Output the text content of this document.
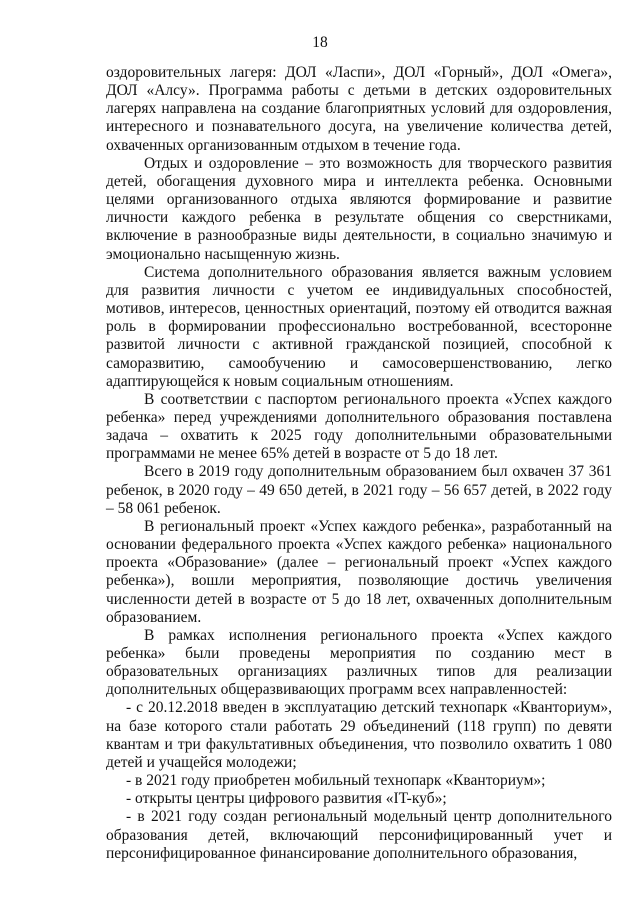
18

оздоровительных лагеря: ДОЛ «Ласпи», ДОЛ «Горный», ДОЛ «Омега», ДОЛ «Алсу». Программа работы с детьми в детских оздоровительных лагерях направлена на создание благоприятных условий для оздоровления, интересного и познавательного досуга, на увеличение количества детей, охваченных организованным отдыхом в течение года.

Отдых и оздоровление – это возможность для творческого развития детей, обогащения духовного мира и интеллекта ребенка. Основными целями организованного отдыха являются формирование и развитие личности каждого ребенка в результате общения со сверстниками, включение в разнообразные виды деятельности, в социально значимую и эмоционально насыщенную жизнь.

Система дополнительного образования является важным условием для развития личности с учетом ее индивидуальных способностей, мотивов, интересов, ценностных ориентаций, поэтому ей отводится важная роль в формировании профессионально востребованной, всесторонне развитой личности с активной гражданской позицией, способной к саморазвитию, самообучению и самосовершенствованию, легко адаптирующейся к новым социальным отношениям.

В соответствии с паспортом регионального проекта «Успех каждого ребенка» перед учреждениями дополнительного образования поставлена задача – охватить к 2025 году дополнительными образовательными программами не менее 65% детей в возрасте от 5 до 18 лет.

Всего в 2019 году дополнительным образованием был охвачен 37 361 ребенок, в 2020 году – 49 650 детей, в 2021 году – 56 657 детей, в 2022 году – 58 061 ребенок.

В региональный проект «Успех каждого ребенка», разработанный на основании федерального проекта «Успех каждого ребенка» национального проекта «Образование» (далее – региональный проект «Успех каждого ребенка»), вошли мероприятия, позволяющие достичь увеличения численности детей в возрасте от 5 до 18 лет, охваченных дополнительным образованием.

В рамках исполнения регионального проекта «Успех каждого ребенка» были проведены мероприятия по созданию мест в образовательных организациях различных типов для реализации дополнительных общеразвивающих программ всех направленностей:

- с 20.12.2018 введен в эксплуатацию детский технопарк «Кванториум», на базе которого стали работать 29 объединений (118 групп) по девяти квантам и три факультативных объединения, что позволило охватить 1 080 детей и учащейся молодежи;

- в 2021 году приобретен мобильный технопарк «Кванториум»;

- открыты центры цифрового развития «IT-куб»;

- в 2021 году создан региональный модельный центр дополнительного образования детей, включающий персонифицированный учет и персонифицированное финансирование дополнительного образования,
